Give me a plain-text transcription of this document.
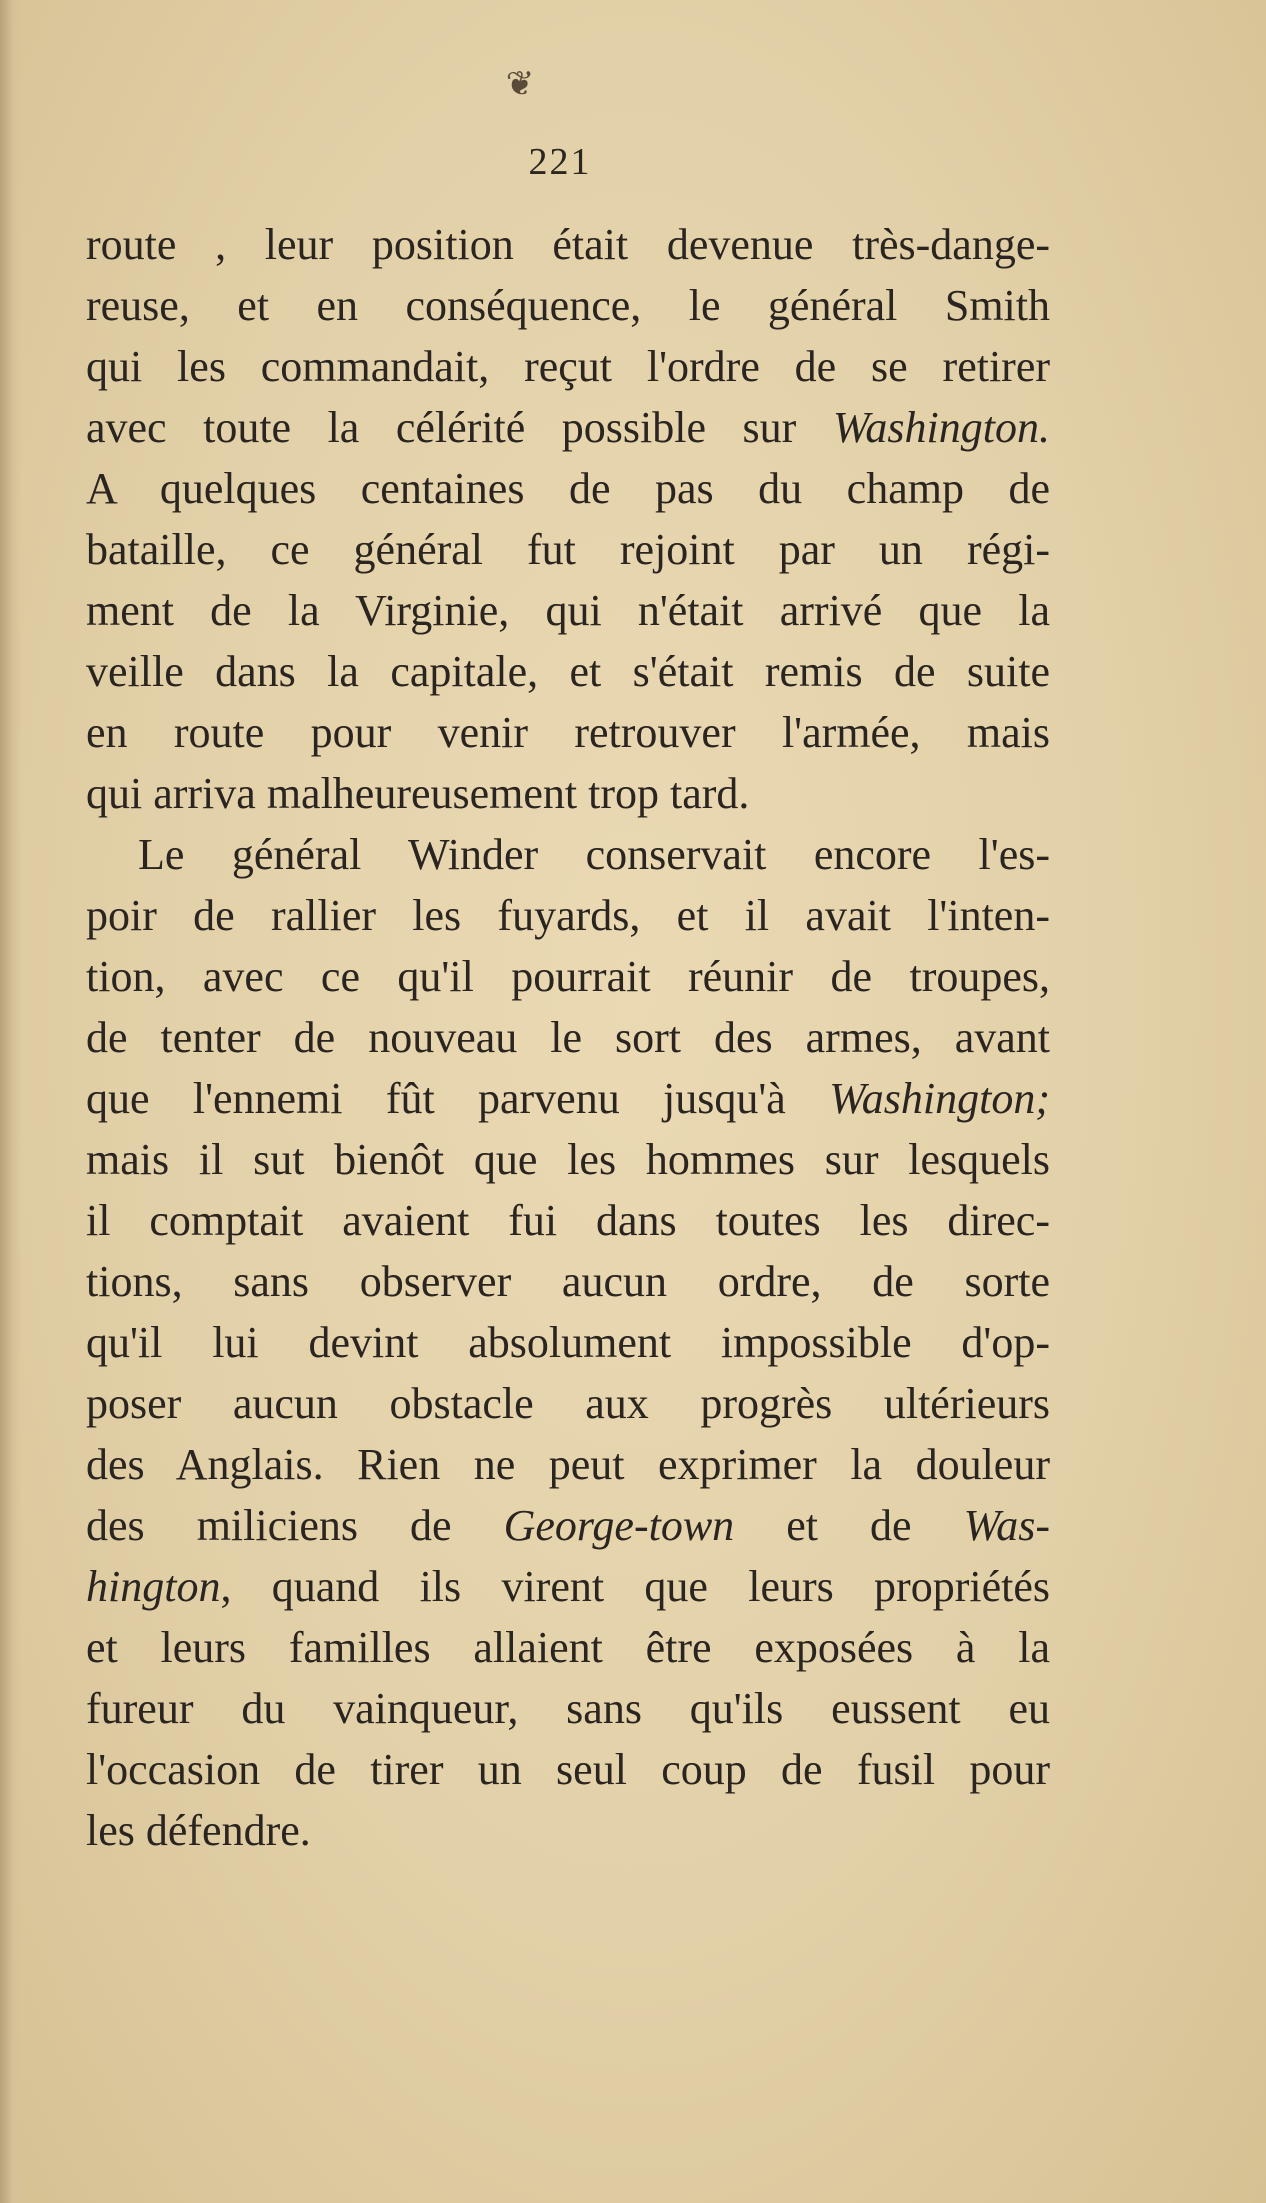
❦
221
route , leur position était devenue très-dange-
reuse, et en conséquence, le général Smith
qui les commandait, reçut l'ordre de se retirer
avec toute la célérité possible sur Washington.
A quelques centaines de pas du champ de
bataille, ce général fut rejoint par un régi-
ment de la Virginie, qui n'était arrivé que la
veille dans la capitale, et s'était remis de suite
en route pour venir retrouver l'armée, mais
qui arriva malheureusement trop tard.
Le général Winder conservait encore l'es-
poir de rallier les fuyards, et il avait l'inten-
tion, avec ce qu'il pourrait réunir de troupes,
de tenter de nouveau le sort des armes, avant
que l'ennemi fût parvenu jusqu'à Washington;
mais il sut bienôt que les hommes sur lesquels
il comptait avaient fui dans toutes les direc-
tions, sans observer aucun ordre, de sorte
qu'il lui devint absolument impossible d'op-
poser aucun obstacle aux progrès ultérieurs
des Anglais. Rien ne peut exprimer la douleur
des miliciens de George-town et de Was-
hington, quand ils virent que leurs propriétés
et leurs familles allaient être exposées à la
fureur du vainqueur, sans qu'ils eussent eu
l'occasion de tirer un seul coup de fusil pour
les défendre.
